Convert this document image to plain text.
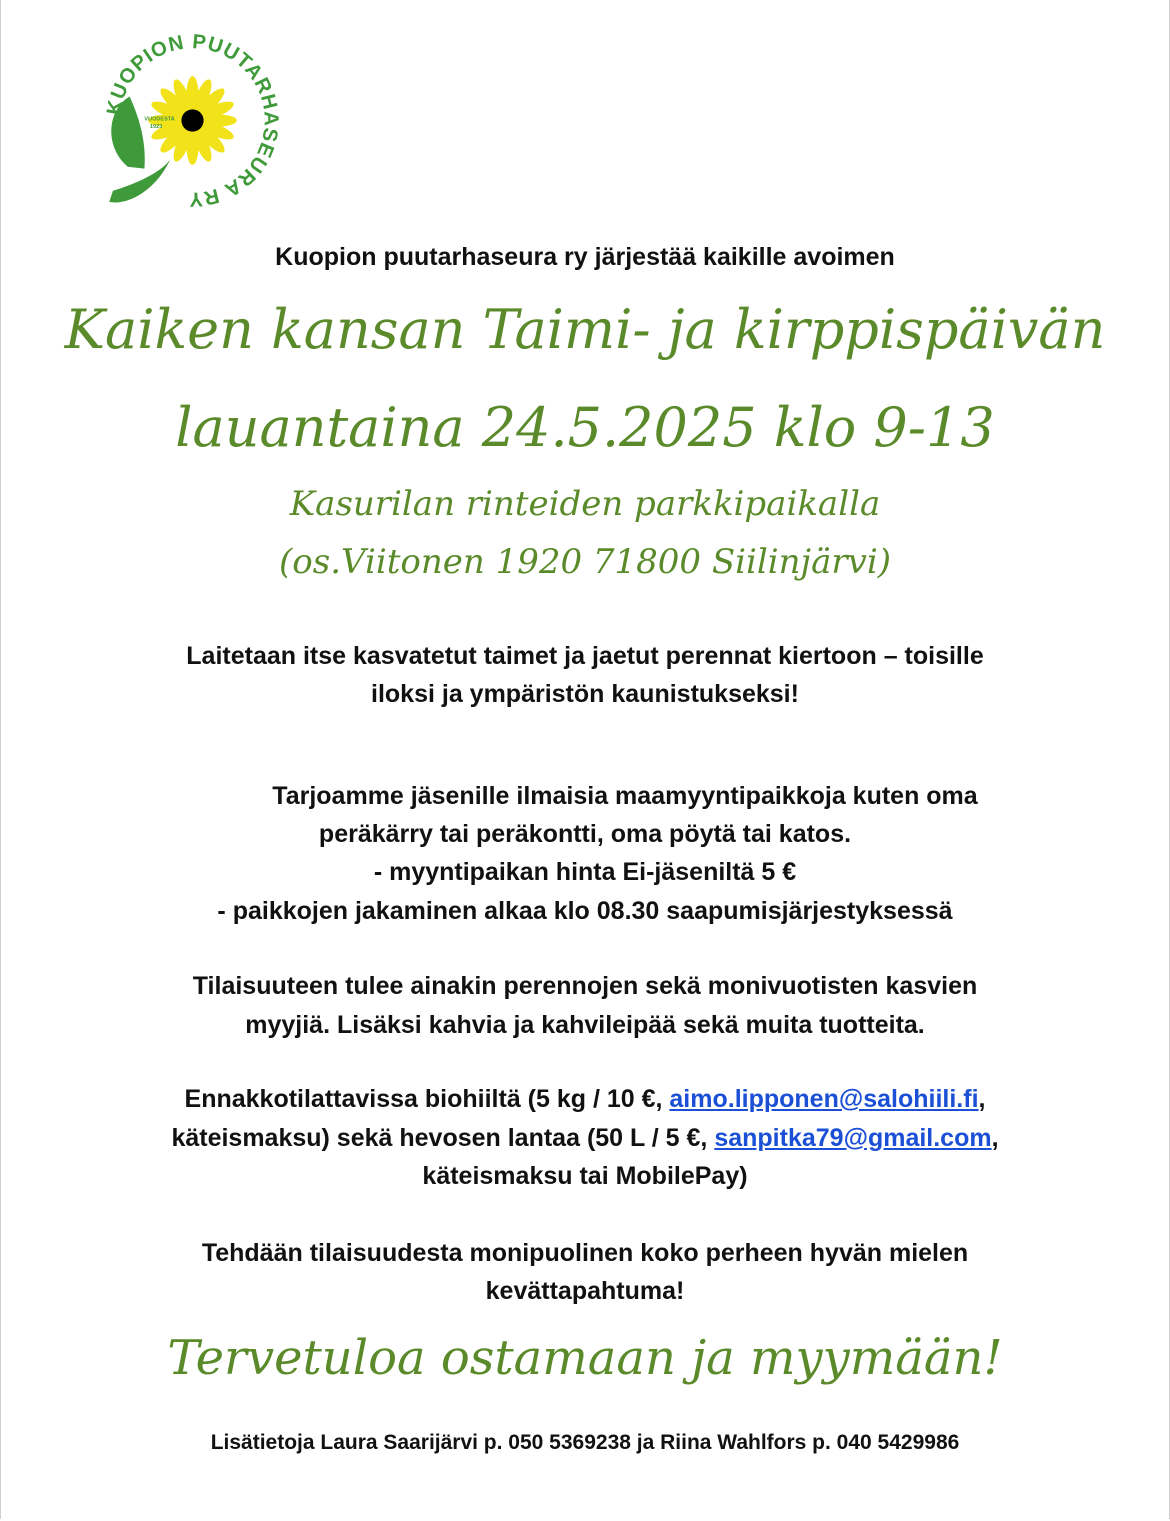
KUOPION PUUTARHASEURA RY
VUODESTA
1923
Kuopion puutarhaseura ry järjestää kaikille avoimen
Kaiken kansan Taimi- ja kirppispäivän
lauantaina 24.5.2025 klo 9-13
Kasurilan rinteiden parkkipaikalla
(os.Viitonen 1920 71800 Siilinjärvi)
Laitetaan itse kasvatetut taimet ja jaetut perennat kiertoon – toisille
iloksi ja ympäristön kaunistukseksi!
Tarjoamme jäsenille ilmaisia maamyyntipaikkoja kuten oma
peräkärry tai peräkontti, oma pöytä tai katos.
- myyntipaikan hinta Ei-jäseniltä 5 €
- paikkojen jakaminen alkaa klo 08.30 saapumisjärjestyksessä
Tilaisuuteen tulee ainakin perennojen sekä monivuotisten kasvien
myyjiä. Lisäksi kahvia ja kahvileipää sekä muita tuotteita.
Ennakkotilattavissa biohiiltä (5 kg / 10 €, aimo.lipponen@salohiili.fi,
käteismaksu) sekä hevosen lantaa (50 L / 5 €, sanpitka79@gmail.com,
käteismaksu tai MobilePay)
Tehdään tilaisuudesta monipuolinen koko perheen hyvän mielen
kevättapahtuma!
Tervetuloa ostamaan ja myymään!
Lisätietoja Laura Saarijärvi p. 050 5369238 ja Riina Wahlfors p. 040 5429986
